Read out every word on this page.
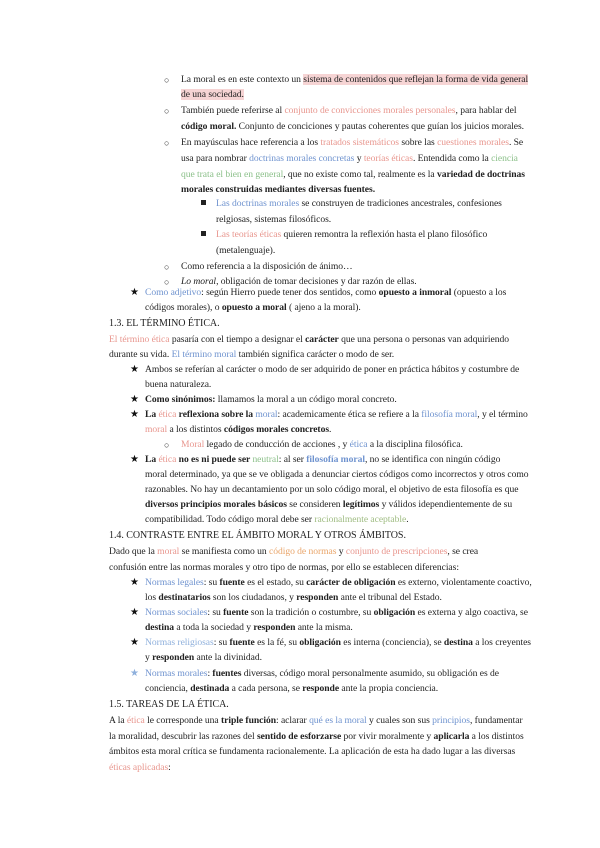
○ La moral es en este contexto un sistema de contenidos que reflejan la forma de vida general
de una sociedad.
○ También puede referirse al conjunto de convicciones morales personales, para hablar del
código moral. Conjunto de conciciones y pautas coherentes que guían los juicios morales.
○ En mayúsculas hace referencia a los tratados sistemáticos sobre las cuestiones morales. Se
usa para nombrar doctrinas morales concretas y teorías éticas. Entendida como la ciencia
que trata el bien en general, que no existe como tal, realmente es la variedad de doctrinas
morales construidas mediantes diversas fuentes.
Las doctrinas morales se construyen de tradiciones ancestrales, confesiones
relgiosas, sistemas filosóficos.
Las teorías éticas quieren remontra la reflexión hasta el plano filosófico
(metalenguaje).
○ Como referencia a la disposición de ánimo…
○ Lo moral, obligación de tomar decisiones y dar razón de ellas.
★ Como adjetivo: según Hierro puede tener dos sentidos, como opuesto a inmoral (opuesto a los
códigos morales), o opuesto a moral ( ajeno a la moral).
1.3. EL TÉRMINO ÉTICA.
El término ética pasaría con el tiempo a designar el carácter que una persona o personas van adquiriendo
durante su vida. El término moral también significa carácter o modo de ser.
★ Ambos se referían al carácter o modo de ser adquirido de poner en práctica hábitos y costumbre de
buena naturaleza.
★ Como sinónimos: llamamos la moral a un código moral concreto.
★ La ética reflexiona sobre la moral: academicamente ética se refiere a la filosofía moral, y el término
moral a los distintos códigos morales concretos.
○ Moral legado de conducción de acciones , y ética a la disciplina filosófica.
★ La ética no es ni puede ser neutral: al ser filosofía moral, no se identifica con ningún código
moral determinado, ya que se ve obligada a denunciar ciertos códigos como incorrectos y otros como
razonables. No hay un decantamiento por un solo código moral, el objetivo de esta filosofía es que
diversos principios morales básicos se consideren legítimos y válidos idependientemente de su
compatibilidad. Todo código moral debe ser racionalmente aceptable.
1.4. CONTRASTE ENTRE EL ÁMBITO MORAL Y OTROS ÁMBITOS.
Dado que la moral se manifiesta como un código de normas y conjunto de prescripciones, se crea
confusión entre las normas morales y otro tipo de normas, por ello se establecen diferencias:
★ Normas legales: su fuente es el estado, su carácter de obligación es externo, violentamente coactivo,
los destinatarios son los ciudadanos, y responden ante el tribunal del Estado.
★ Normas sociales: su fuente son la tradición o costumbre, su obligación es externa y algo coactiva, se
destina a toda la sociedad y responden ante la misma.
★ Normas religiosas: su fuente es la fé, su obligación es interna (conciencia), se destina a los creyentes
y responden ante la divinidad.
★ Normas morales: fuentes diversas, código moral personalmente asumido, su obligación es de
conciencia, destinada a cada persona, se responde ante la propia conciencia.
1.5. TAREAS DE LA ÉTICA.
A la ética le corresponde una triple función: aclarar qué es la moral y cuales son sus principios, fundamentar
la moralidad, descubrir las razones del sentido de esforzarse por vivir moralmente y aplicarla a los distintos
ámbitos esta moral crítica se fundamenta racionalemente. La aplicación de esta ha dado lugar a las diversas
éticas aplicadas:
